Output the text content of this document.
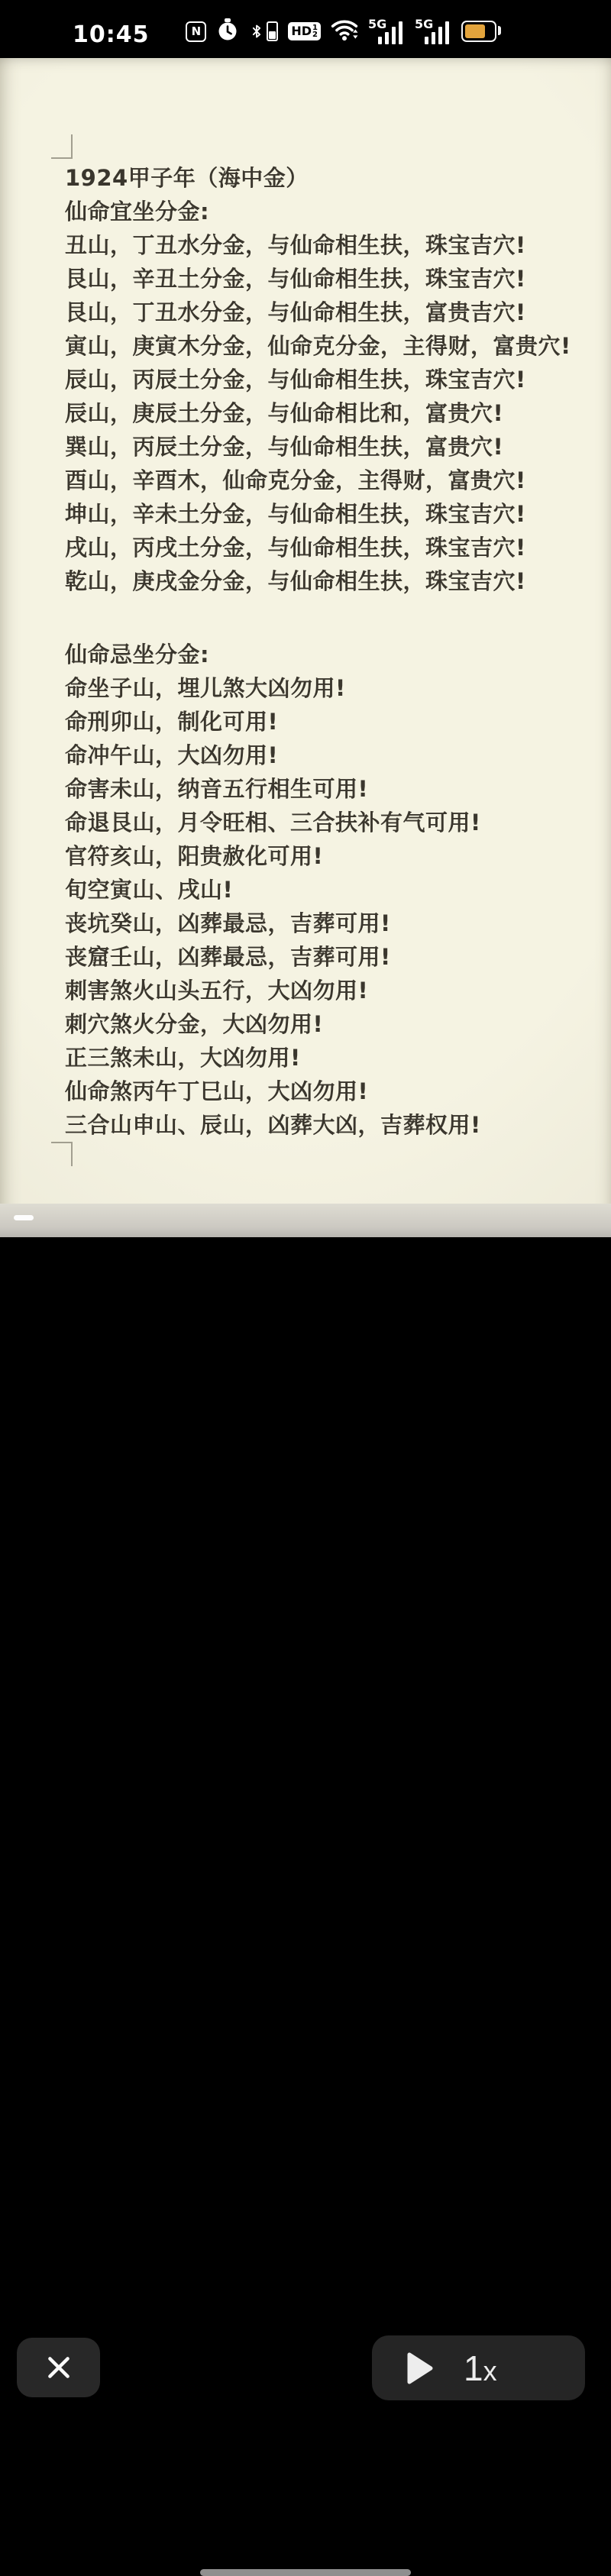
10:45	N	HD 1
2
5G 5G
1924甲子年（海中金）
仙命宜坐分金:
丑山，丁丑水分金，与仙命相生扶，珠宝吉穴!
艮山，辛丑土分金，与仙命相生扶，珠宝吉穴!
艮山，丁丑水分金，与仙命相生扶，富贵吉穴!
寅山，庚寅木分金，仙命克分金，主得财，富贵穴!
辰山，丙辰土分金，与仙命相生扶，珠宝吉穴!
辰山，庚辰土分金，与仙命相比和，富贵穴!
巽山，丙辰土分金，与仙命相生扶，富贵穴!
酉山，辛酉木，仙命克分金，主得财，富贵穴!
坤山，辛未土分金，与仙命相生扶，珠宝吉穴!
戌山，丙戌土分金，与仙命相生扶，珠宝吉穴!
乾山，庚戌金分金，与仙命相生扶，珠宝吉穴!
仙命忌坐分金:
命坐子山，埋儿煞大凶勿用!
命刑卯山，制化可用!
命冲午山，大凶勿用!
命害未山，纳音五行相生可用!
命退艮山，月令旺相、三合扶补有气可用!
官符亥山，阳贵赦化可用!
旬空寅山、戌山!
丧坑癸山，凶葬最忌，吉葬可用!
丧窟壬山，凶葬最忌，吉葬可用!
刺害煞火山头五行，大凶勿用!
刺穴煞火分金，大凶勿用!
正三煞未山，大凶勿用!
仙命煞丙午丁巳山，大凶勿用!
三合山申山、辰山，凶葬大凶，吉葬权用!
1 x
